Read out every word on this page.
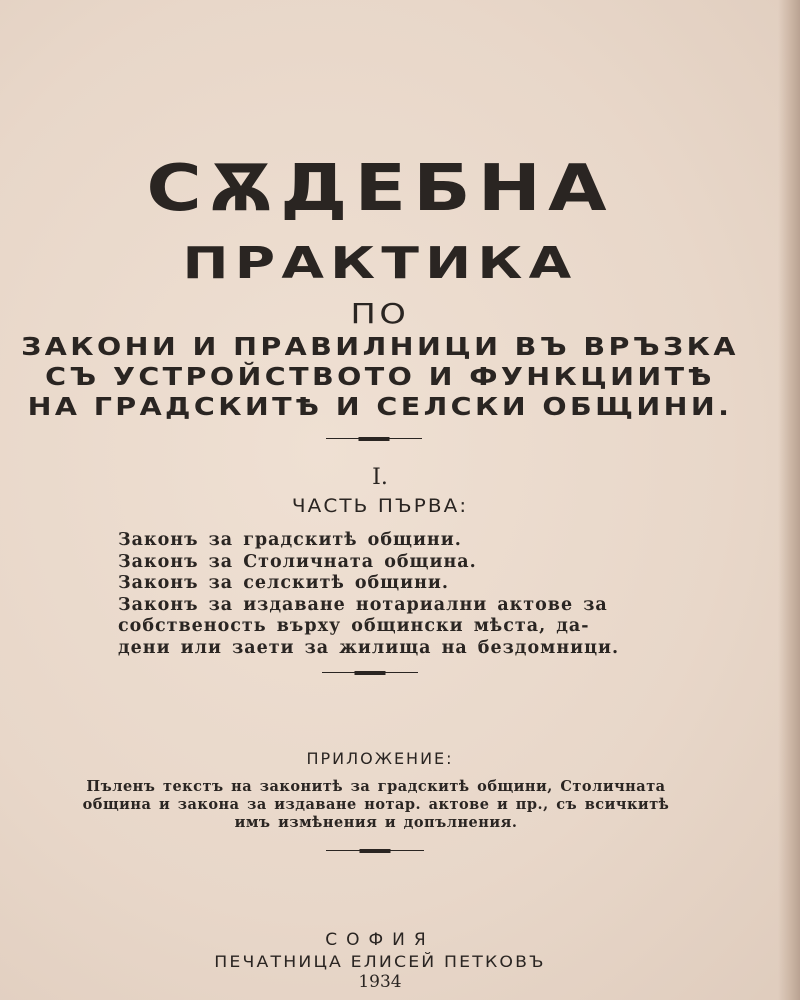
СѪДЕБНА
ПРАКТИКА
ПО
ЗАКОНИ И ПРАВИЛНИЦИ ВЪ ВРЪЗКА
СЪ УСТРОЙСТВОТО И ФУНКЦИИТѢ
НА ГРАДСКИТѢ И СЕЛСКИ ОБЩИНИ.
I.
ЧАСТЬ ПЪРВА:
Законъ за градскитѣ общини.
Законъ за Столичната община.
Законъ за селскитѣ общини.
Законъ за издаване нотариални актове за
собственость върху общински мѣста, да-
дени или заети за жилища на бездомници.
ПРИЛОЖЕНИЕ:
Пъленъ текстъ на законитѣ за градскитѣ общини, Столичната
община и закона за издаване нотар. актове и пр., съ всичкитѣ
имъ измѣнения и допълнения.
СОФИЯ
ПЕЧАТНИЦА ЕЛИСЕЙ ПЕТКОВЪ
1934
